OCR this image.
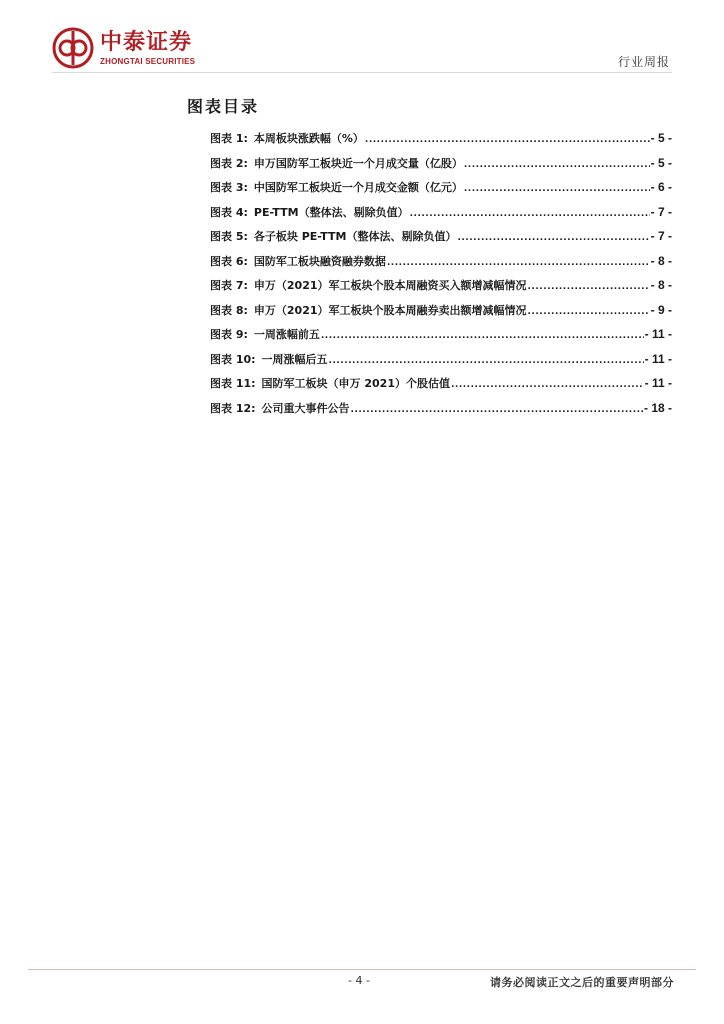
中泰证券
ZHONGTAI SECURITIES	行业周报
图表目录
图表 1: 本周板块涨跌幅（%） .....	- 5 -
图表 2: 申万国防军工板块近一个月成交量（亿股） .....	- 5 -
图表 3: 中国防军工板块近一个月成交金额（亿元） .....	- 6 -
图表 4: PE-TTM（整体法、剔除负值） .....	- 7 -
图表 5: 各子板块 PE-TTM（整体法、剔除负值） .....	- 7 -
图表 6: 国防军工板块融资融券数据 .....	- 8 -
图表 7: 申万（2021）军工板块个股本周融资买入额增减幅情况 .....	- 8 -
图表 8: 申万（2021）军工板块个股本周融券卖出额增减幅情况 .....	- 9 -
图表 9: 一周涨幅前五 .....	- 11 -
图表 10: 一周涨幅后五 .....	- 11 -
图表 11: 国防军工板块（申万 2021）个股估值 .....	- 11 -
图表 12: 公司重大事件公告 .....	- 18 -
- 4 -	请务必阅读正文之后的重要声明部分
